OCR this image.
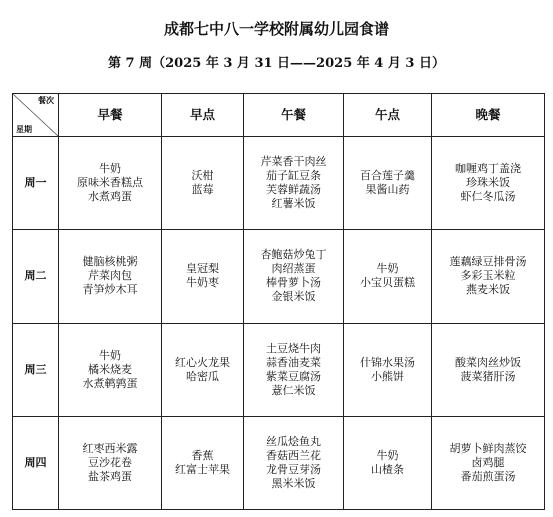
成都七中八一学校附属幼儿园食谱
第 7 周（2025 年 3 月 31 日——2025 年 4 月 3 日）
餐次
星期	早餐	早点	午餐	午点	晚餐
周一	牛奶
原味米香糕点
水煮鸡蛋	沃柑
蓝莓	芹菜香干肉丝
茄子缸豆条
芙蓉鲜蔬汤
红薯米饭	百合莲子羹
果酱山药	咖喱鸡丁盖浇
珍珠米饭
虾仁冬瓜汤

周二	健脑核桃粥
芹菜肉包
青笋炒木耳	皇冠梨
牛奶枣	杏鲍菇炒兔丁
肉绍蒸蛋
棒骨萝卜汤
金银米饭	牛奶
小宝贝蛋糕	莲藕绿豆排骨汤
多彩玉米粒
燕麦米饭

周三	牛奶
橘米烧麦
水煮鹌鹑蛋	红心火龙果
哈密瓜	土豆烧牛肉
蒜香油麦菜
紫菜豆腐汤
薏仁米饭	什锦水果汤
小熊饼	酸菜肉丝炒饭
菠菜猪肝汤

周四	红枣西米露
豆沙花卷
盐茶鸡蛋	香蕉
红富士苹果	丝瓜烩鱼丸
香菇西兰花
龙骨豆芽汤
黑米米饭	牛奶
山楂条	胡萝卜鲜肉蒸饺
卤鸡腿
番茄煎蛋汤
